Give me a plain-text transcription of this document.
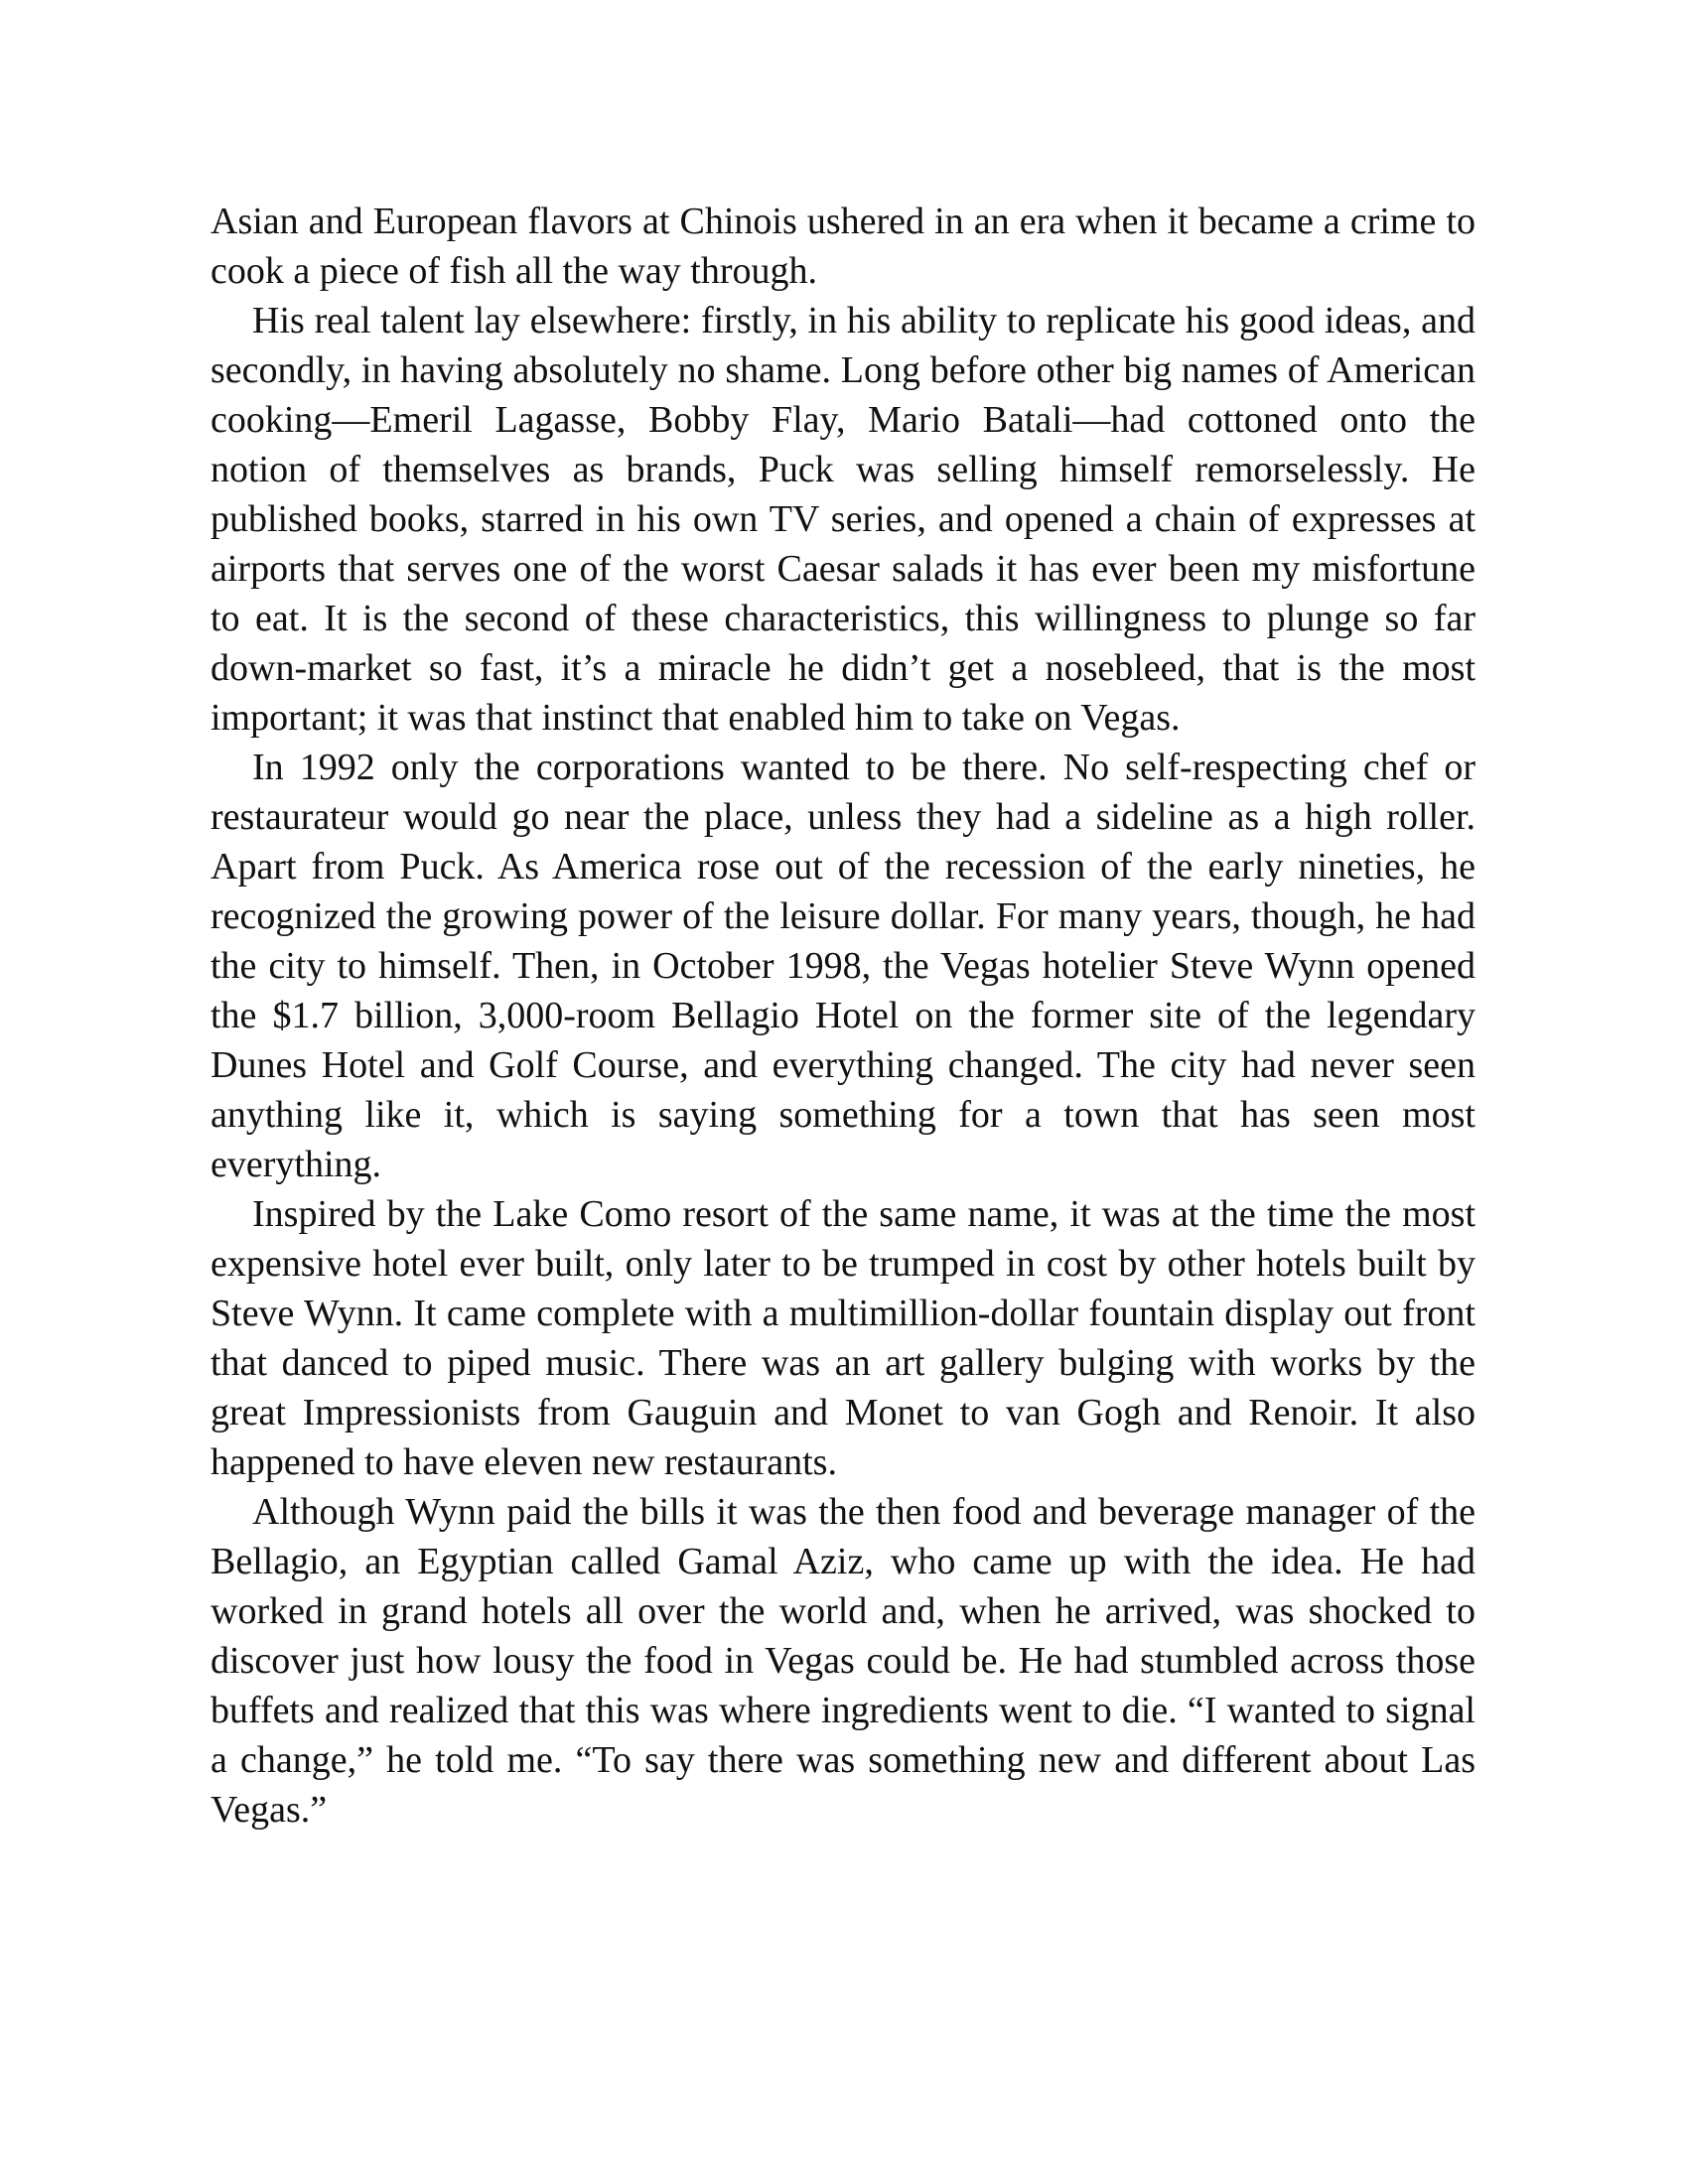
Asian and European flavors at Chinois ushered in an era when it became a crime to cook a piece of fish all the way through.

His real talent lay elsewhere: firstly, in his ability to replicate his good ideas, and secondly, in having absolutely no shame. Long before other big names of American cooking—Emeril Lagasse, Bobby Flay, Mario Batali—had cottoned onto the notion of themselves as brands, Puck was selling himself remorselessly. He published books, starred in his own TV series, and opened a chain of expresses at airports that serves one of the worst Caesar salads it has ever been my misfortune to eat. It is the second of these characteristics, this willingness to plunge so far down-market so fast, it’s a miracle he didn’t get a nosebleed, that is the most important; it was that instinct that enabled him to take on Vegas.

In 1992 only the corporations wanted to be there. No self-respecting chef or restaurateur would go near the place, unless they had a sideline as a high roller. Apart from Puck. As America rose out of the recession of the early nineties, he recognized the growing power of the leisure dollar. For many years, though, he had the city to himself. Then, in October 1998, the Vegas hotelier Steve Wynn opened the $1.7 billion, 3,000-room Bellagio Hotel on the former site of the legendary Dunes Hotel and Golf Course, and everything changed. The city had never seen anything like it, which is saying something for a town that has seen most everything.

Inspired by the Lake Como resort of the same name, it was at the time the most expensive hotel ever built, only later to be trumped in cost by other hotels built by Steve Wynn. It came complete with a multimillion-dollar fountain display out front that danced to piped music. There was an art gallery bulging with works by the great Impressionists from Gauguin and Monet to van Gogh and Renoir. It also happened to have eleven new restaurants.

Although Wynn paid the bills it was the then food and beverage manager of the Bellagio, an Egyptian called Gamal Aziz, who came up with the idea. He had worked in grand hotels all over the world and, when he arrived, was shocked to discover just how lousy the food in Vegas could be. He had stumbled across those buffets and realized that this was where ingredients went to die. “I wanted to signal a change,” he told me. “To say there was something new and different about Las Vegas.”
